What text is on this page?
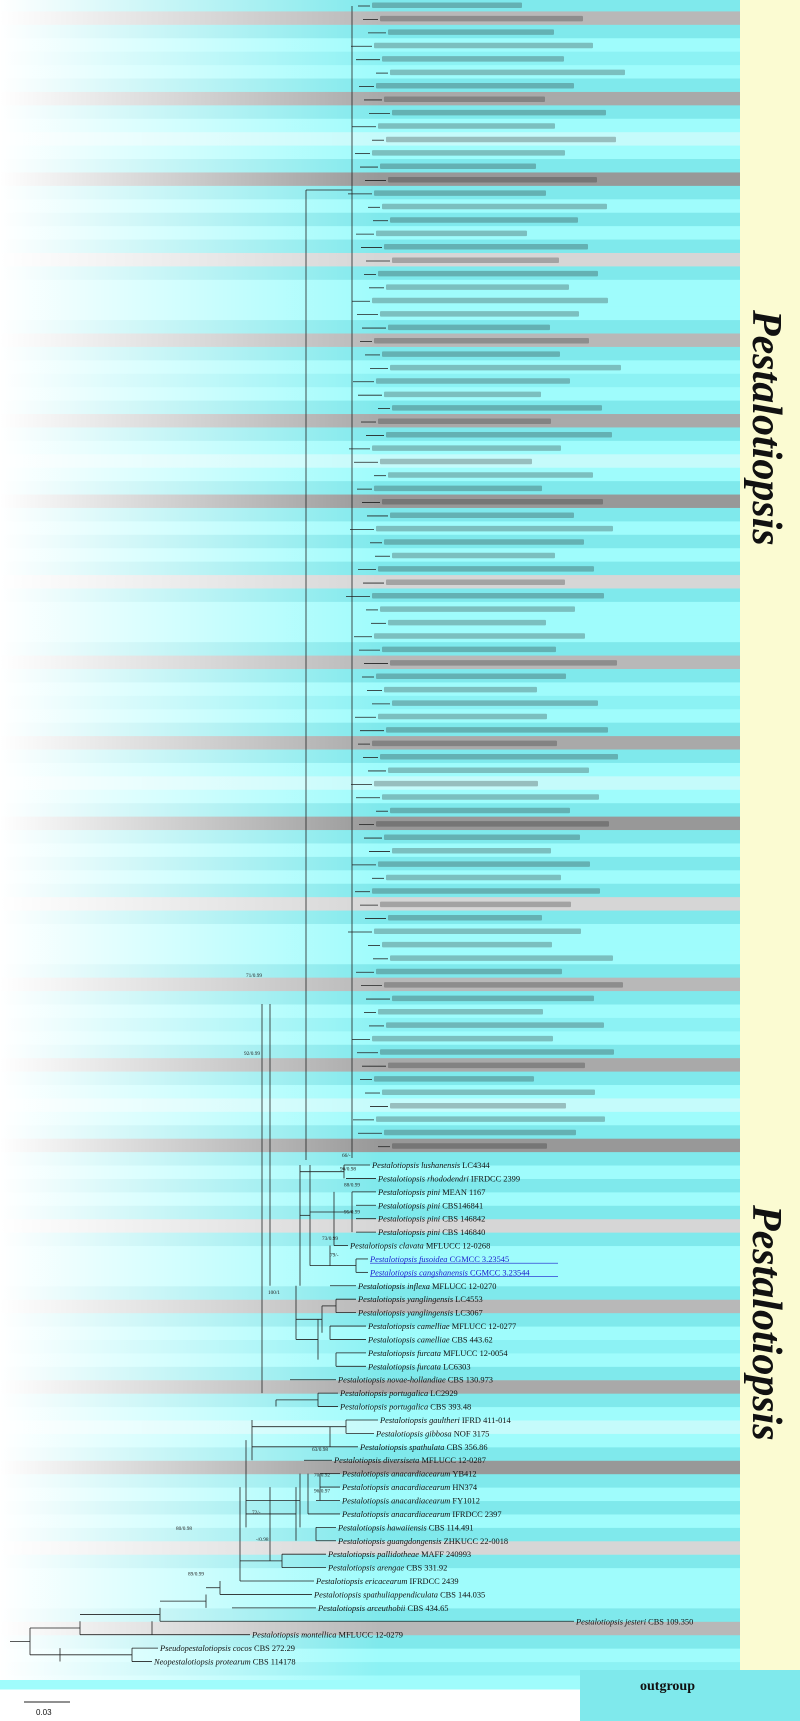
Pestalotiopsis lushanensis LC4344
Pestalotiopsis rhododendri IFRDCC 2399
Pestalotiopsis pini MEAN 1167
Pestalotiopsis pini CBS146841
Pestalotiopsis pini CBS 146842
Pestalotiopsis pini CBS 146840
Pestalotiopsis clavata MFLUCC 12-0268
Pestalotiopsis fusoidea CGMCC 3.23545
Pestalotiopsis cangshanensis CGMCC 3.23544
Pestalotiopsis inflexa MFLUCC 12-0270
Pestalotiopsis yanglingensis LC4553
Pestalotiopsis yanglingensis LC3067
Pestalotiopsis camelliae MFLUCC 12-0277
Pestalotiopsis camelliae CBS 443.62
Pestalotiopsis furcata MFLUCC 12-0054
Pestalotiopsis furcata LC6303
Pestalotiopsis novae-hollandiae CBS 130.973
Pestalotiopsis portugalica LC2929
Pestalotiopsis portugalica CBS 393.48
Pestalotiopsis gaultheri IFRD 411-014
Pestalotiopsis gibbosa NOF 3175
Pestalotiopsis spathulata CBS 356.86
Pestalotiopsis diversiseta MFLUCC 12-0287
Pestalotiopsis anacardiacearum YB412
Pestalotiopsis anacardiacearum HN374
Pestalotiopsis anacardiacearum FY1012
Pestalotiopsis anacardiacearum IFRDCC 2397
Pestalotiopsis hawaiiensis CBS 114.491
Pestalotiopsis guangdongensis ZHKUCC 22-0018
Pestalotiopsis pallidotheae MAFF 240993
Pestalotiopsis arengae CBS 331.92
Pestalotiopsis ericacearum IFRDCC 2439
Pestalotiopsis spathuliappendiculata CBS 144.035
Pestalotiopsis arceuthobii CBS 434.65
Pestalotiopsis jesteri CBS 109.350
Pestalotiopsis montellica MFLUCC 12-0279
Pseudopestalotiopsis cocos CBS 272.29
Neopestalotiopsis protearum CBS 114178
73/0.99
79/-
92/0.99
100/1
71/0.99
80/0.98
89/0.99
72/-
-/0.98
66/-
96/0.98
63/0.98
88/0.99
95/0.99
70/0.92
96/0.97
Pestalotiopsis
Pestalotiopsis
outgroup
0.03
